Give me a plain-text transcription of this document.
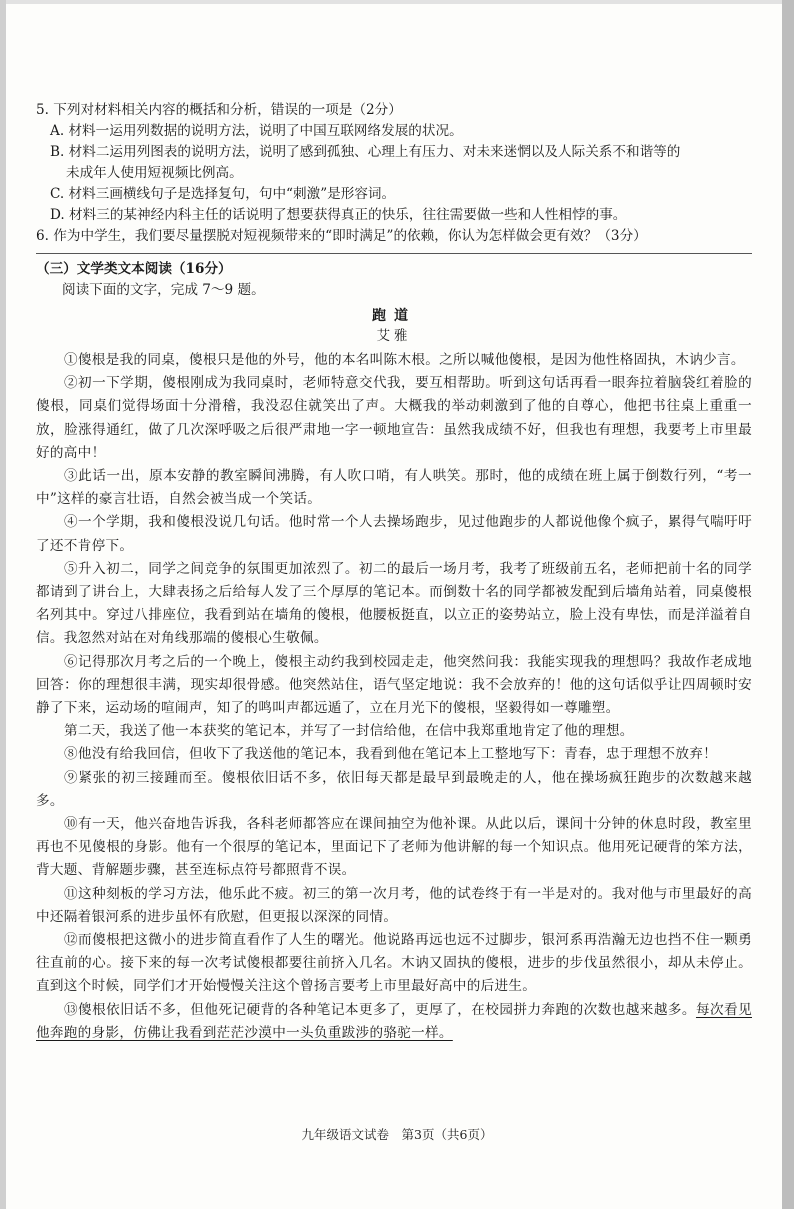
5. 下列对材料相关内容的概括和分析，错误的一项是（2分）

A. 材料一运用列数据的说明方法，说明了中国互联网络发展的状况。

B. 材料二运用列图表的说明方法，说明了感到孤独、心理上有压力、对未来迷惘以及人际关系不和谐等的

未成年人使用短视频比例高。

C. 材料三画横线句子是选择复句，句中“刺激”是形容词。

D. 材料三的某神经内科主任的话说明了想要获得真正的快乐，往往需要做一些和人性相悖的事。

6. 作为中学生，我们要尽量摆脱对短视频带来的“即时满足”的依赖，你认为怎样做会更有效？（3分）

（三）文学类文本阅读（16分）

阅读下面的文字，完成 7～9 题。

跑道

艾雅

①傻根是我的同桌，傻根只是他的外号，他的本名叫陈木根。之所以喊他傻根，是因为他性格固执，木讷少言。

②初一下学期，傻根刚成为我同桌时，老师特意交代我，要互相帮助。听到这句话再看一眼奔拉着脑袋红着脸的傻根，同桌们觉得场面十分滑稽，我没忍住就笑出了声。大概我的举动刺激到了他的自尊心，他把书往桌上重重一放，脸涨得通红，做了几次深呼吸之后很严肃地一字一顿地宣告：虽然我成绩不好，但我也有理想，我要考上市里最好的高中！

③此话一出，原本安静的教室瞬间沸腾，有人吹口哨，有人哄笑。那时，他的成绩在班上属于倒数行列，“考一中”这样的豪言壮语，自然会被当成一个笑话。

④一个学期，我和傻根没说几句话。他时常一个人去操场跑步，见过他跑步的人都说他像个疯子，累得气喘吁吁了还不肯停下。

⑤升入初二，同学之间竞争的氛围更加浓烈了。初二的最后一场月考，我考了班级前五名，老师把前十名的同学都请到了讲台上，大肆表扬之后给每人发了三个厚厚的笔记本。而倒数十名的同学都被发配到后墙角站着，同桌傻根名列其中。穿过八排座位，我看到站在墙角的傻根，他腰板挺直，以立正的姿势站立，脸上没有卑怯，而是洋溢着自信。我忽然对站在对角线那端的傻根心生敬佩。

⑥记得那次月考之后的一个晚上，傻根主动约我到校园走走，他突然问我：我能实现我的理想吗？我故作老成地回答：你的理想很丰满，现实却很骨感。他突然站住，语气坚定地说：我不会放弃的！他的这句话似乎让四周顿时安静了下来，运动场的喧闹声，知了的鸣叫声都远遁了，立在月光下的傻根，坚毅得如一尊雕塑。

第二天，我送了他一本获奖的笔记本，并写了一封信给他，在信中我郑重地肯定了他的理想。

⑧他没有给我回信，但收下了我送他的笔记本，我看到他在笔记本上工整地写下：青春，忠于理想不放弃！

⑨紧张的初三接踵而至。傻根依旧话不多，依旧每天都是最早到最晚走的人，他在操场疯狂跑步的次数越来越多。

⑩有一天，他兴奋地告诉我，各科老师都答应在课间抽空为他补课。从此以后，课间十分钟的休息时段，教室里再也不见傻根的身影。他有一个很厚的笔记本，里面记下了老师为他讲解的每一个知识点。他用死记硬背的笨方法，背大题、背解题步骤，甚至连标点符号都照背不误。

⑪这种刻板的学习方法，他乐此不疲。初三的第一次月考，他的试卷终于有一半是对的。我对他与市里最好的高中还隔着银河系的进步虽怀有欣慰，但更报以深深的同情。

⑫而傻根把这微小的进步简直看作了人生的曙光。他说路再远也远不过脚步，银河系再浩瀚无边也挡不住一颗勇往直前的心。接下来的每一次考试傻根都要往前挤入几名。木讷又固执的傻根，进步的步伐虽然很小，却从未停止。直到这个时候，同学们才开始慢慢关注这个曾扬言要考上市里最好高中的后进生。

⑬傻根依旧话不多，但他死记硬背的各种笔记本更多了，更厚了，在校园拼力奔跑的次数也越来越多。每次看见他奔跑的身影，仿佛让我看到茫茫沙漠中一头负重跋涉的骆驼一样。

九年级语文试卷　第3页（共6页）
